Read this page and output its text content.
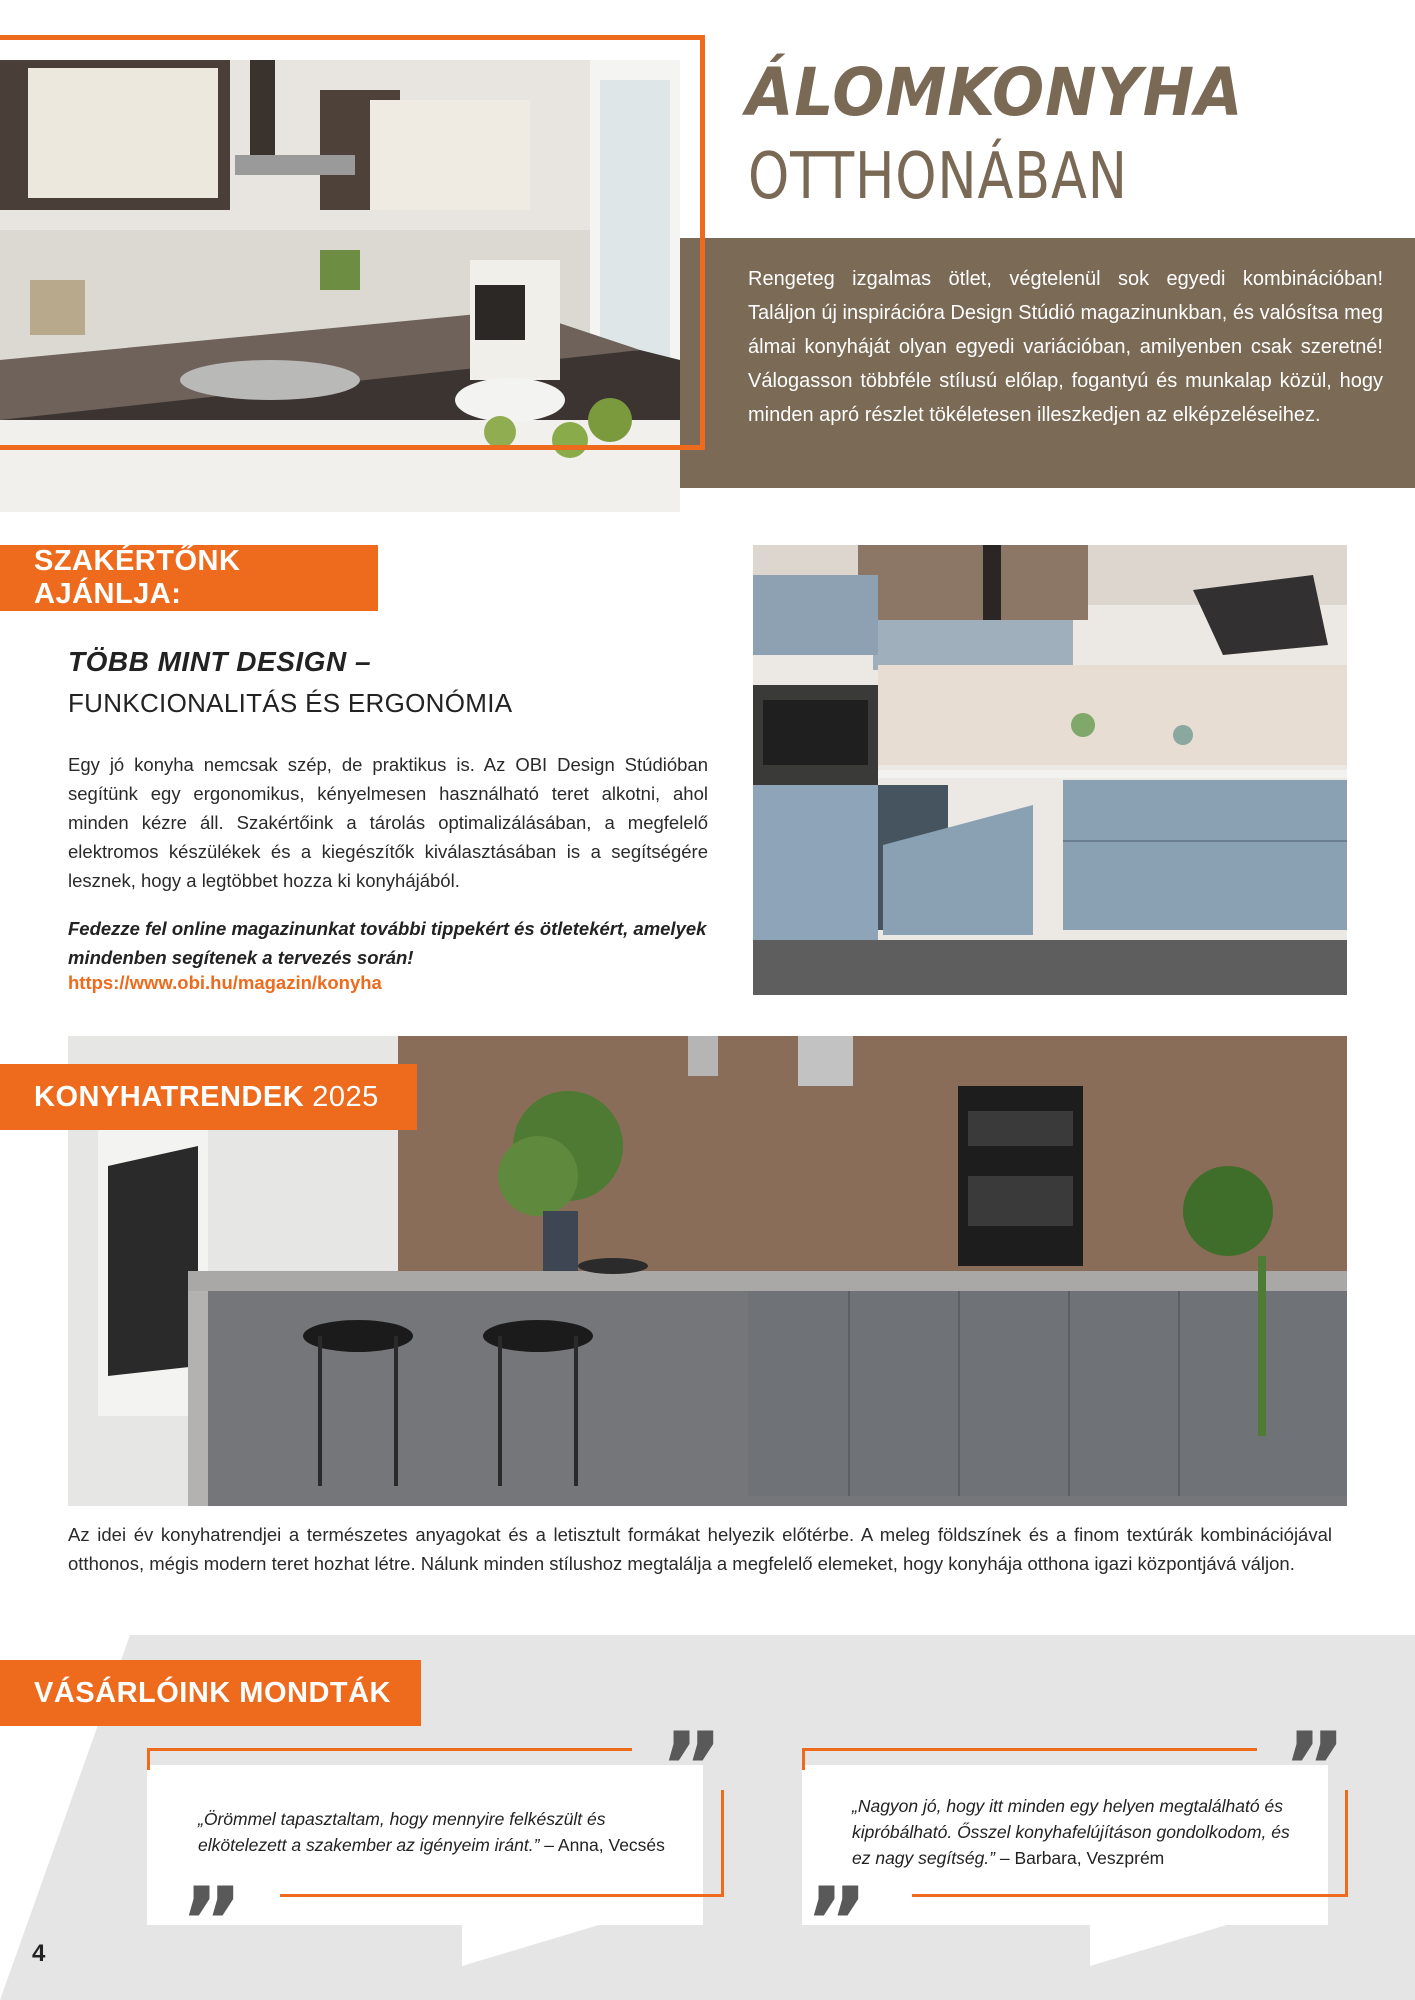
ÁLOMKONYHA
OTTHONÁBAN
Rengeteg izgalmas ötlet, végtelenül sok egyedi kombinációban! Találjon új inspirációra Design Stúdió magazinunkban, és valósítsa meg álmai konyháját olyan egyedi variációban, amilyenben csak szeretné! Válogasson többféle stílusú előlap, fogantyú és munkalap közül, hogy minden apró részlet tökéletesen illeszkedjen az elképzeléseihez.
SZAKÉRTŐNK AJÁNLJA:
TÖBB MINT DESIGN –
FUNKCIONALITÁS ÉS ERGONÓMIA
Egy jó konyha nemcsak szép, de praktikus is. Az OBI Design Stúdióban segítünk egy ergonomikus, kényelmesen használható teret alkotni, ahol minden kézre áll. Szakértőink a tárolás optimalizálásában, a megfelelő elektromos készülékek és a kiegészítők kiválasztásában is a segítségére lesznek, hogy a legtöbbet hozza ki konyhájából.
Fedezze fel online magazinunkat további tippekért és ötletekért, amelyek mindenben segítenek a tervezés során!
https://www.obi.hu/magazin/konyha
KONYHATRENDEK 2025
Az idei év konyhatrendjei a természetes anyagokat és a letisztult formákat helyezik előtérbe. A meleg földszínek és a finom textúrák kombinációjával otthonos, mégis modern teret hozhat létre. Nálunk minden stílushoz megtalálja a megfelelő elemeket, hogy konyhája otthona igazi központjává váljon.
VÁSÁRLÓINK MONDTÁK
”
”
„Örömmel tapasztaltam, hogy mennyire felkészült és elkötelezett a szakember az igényeim iránt.” – Anna, Vecsés
”
”
„Nagyon jó, hogy itt minden egy helyen megtalálható és kipróbálható. Ősszel konyhafelújításon gondolkodom, és ez nagy segítség.” – Barbara, Veszprém
4
